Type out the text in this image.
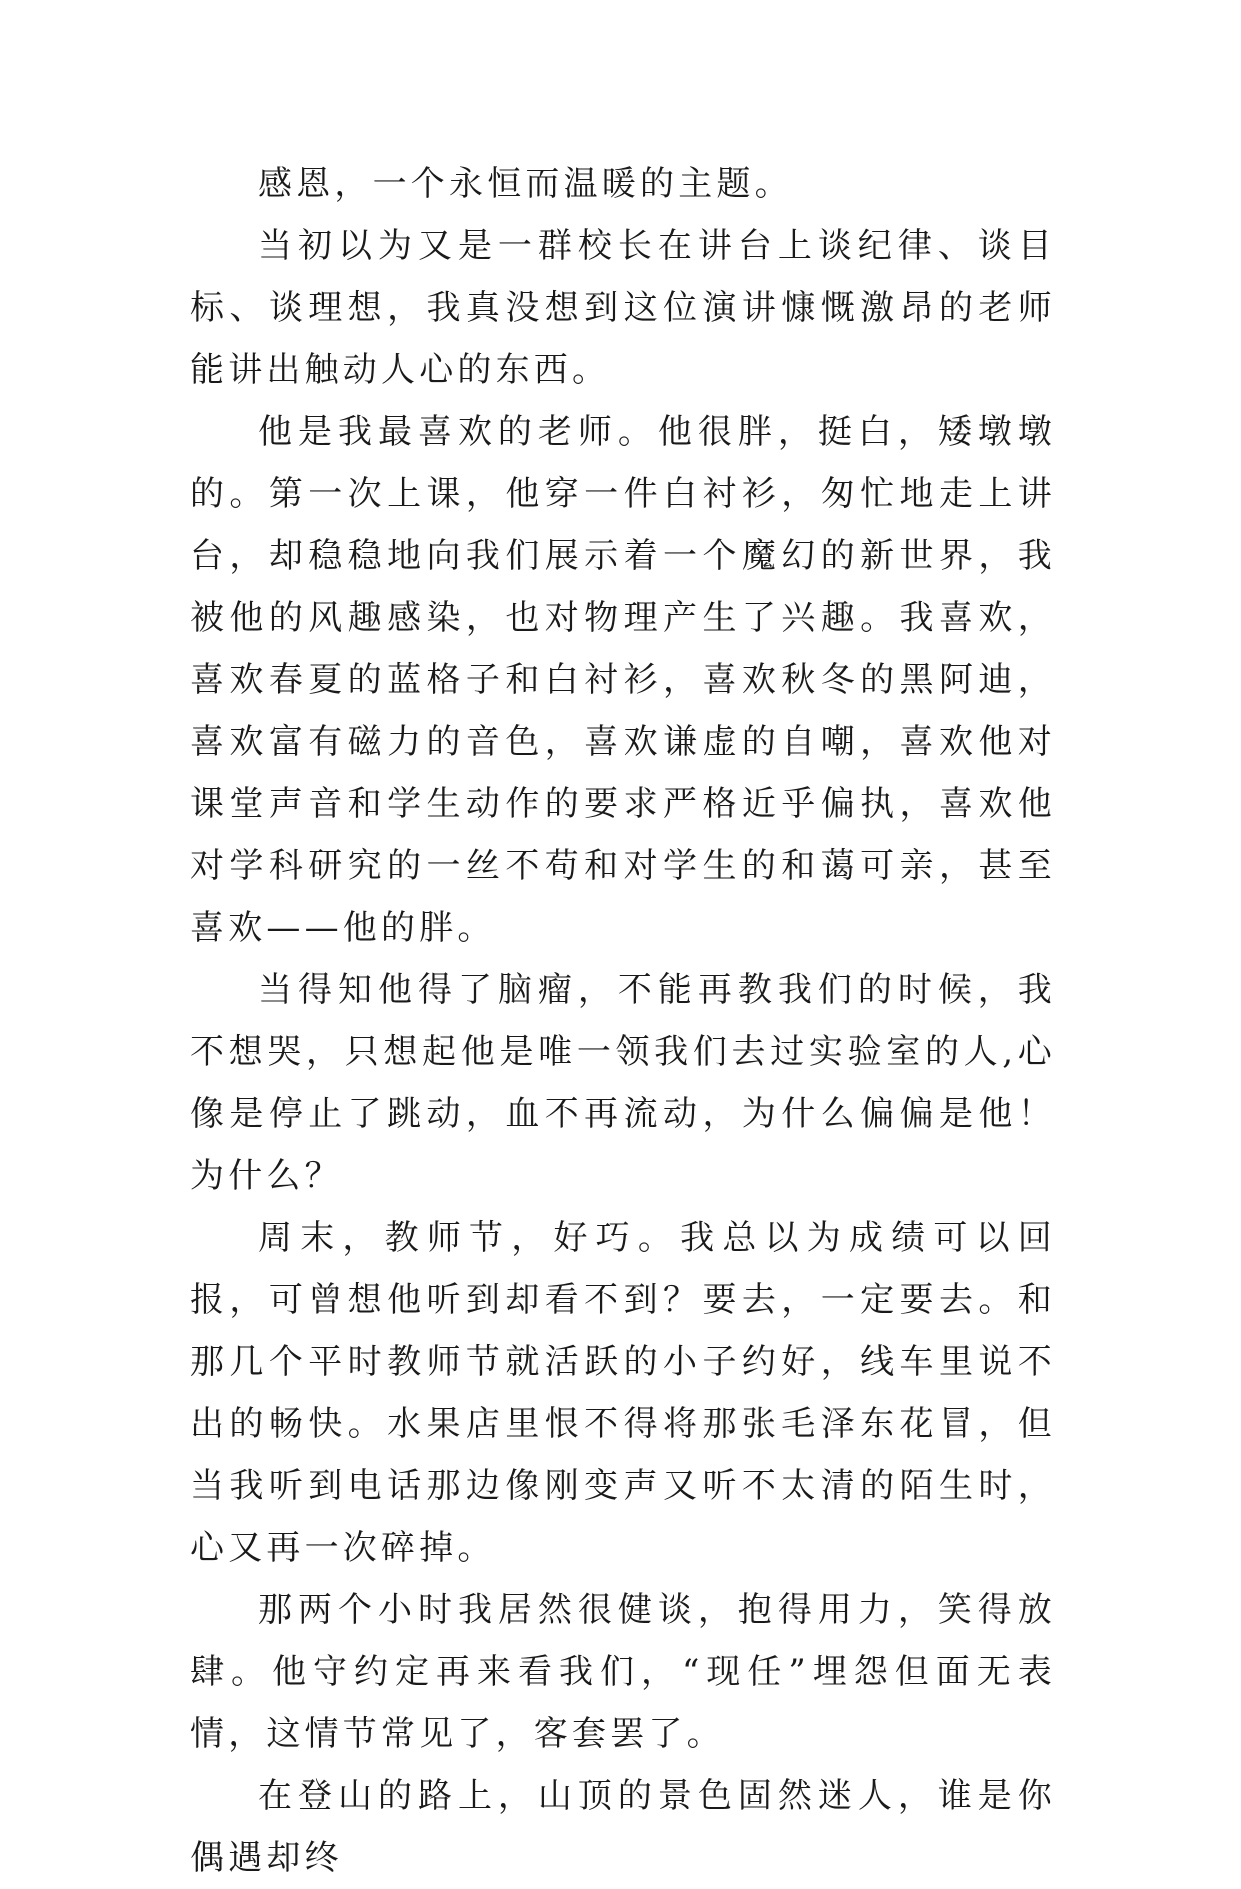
感恩，一个永恒而温暖的主题。

当初以为又是一群校长在讲台上谈纪律、谈目标、谈理想，我真没想到这位演讲慷慨激昂的老师能讲出触动人心的东西。

他是我最喜欢的老师。他很胖，挺白，矮墩墩的。第一次上课，他穿一件白衬衫，匆忙地走上讲台，却稳稳地向我们展示着一个魔幻的新世界，我被他的风趣感染，也对物理产生了兴趣。我喜欢，喜欢春夏的蓝格子和白衬衫，喜欢秋冬的黑阿迪，喜欢富有磁力的音色，喜欢谦虚的自嘲，喜欢他对课堂声音和学生动作的要求严格近乎偏执，喜欢他对学科研究的一丝不苟和对学生的和蔼可亲，甚至喜欢——他的胖。

当得知他得了脑瘤，不能再教我们的时候，我不想哭，只想起他是唯一领我们去过实验室的人,心像是停止了跳动，血不再流动，为什么偏偏是他！为什么？

周末，教师节，好巧。我总以为成绩可以回报，可曾想他听到却看不到？要去，一定要去。和那几个平时教师节就活跃的小子约好，线车里说不出的畅快。水果店里恨不得将那张毛泽东花冒，但当我听到电话那边像刚变声又听不太清的陌生时，心又再一次碎掉。

那两个小时我居然很健谈，抱得用力，笑得放肆。他守约定再来看我们，“现任”埋怨但面无表情，这情节常见了，客套罢了。

在登山的路上，山顶的景色固然迷人，谁是你偶遇却终
